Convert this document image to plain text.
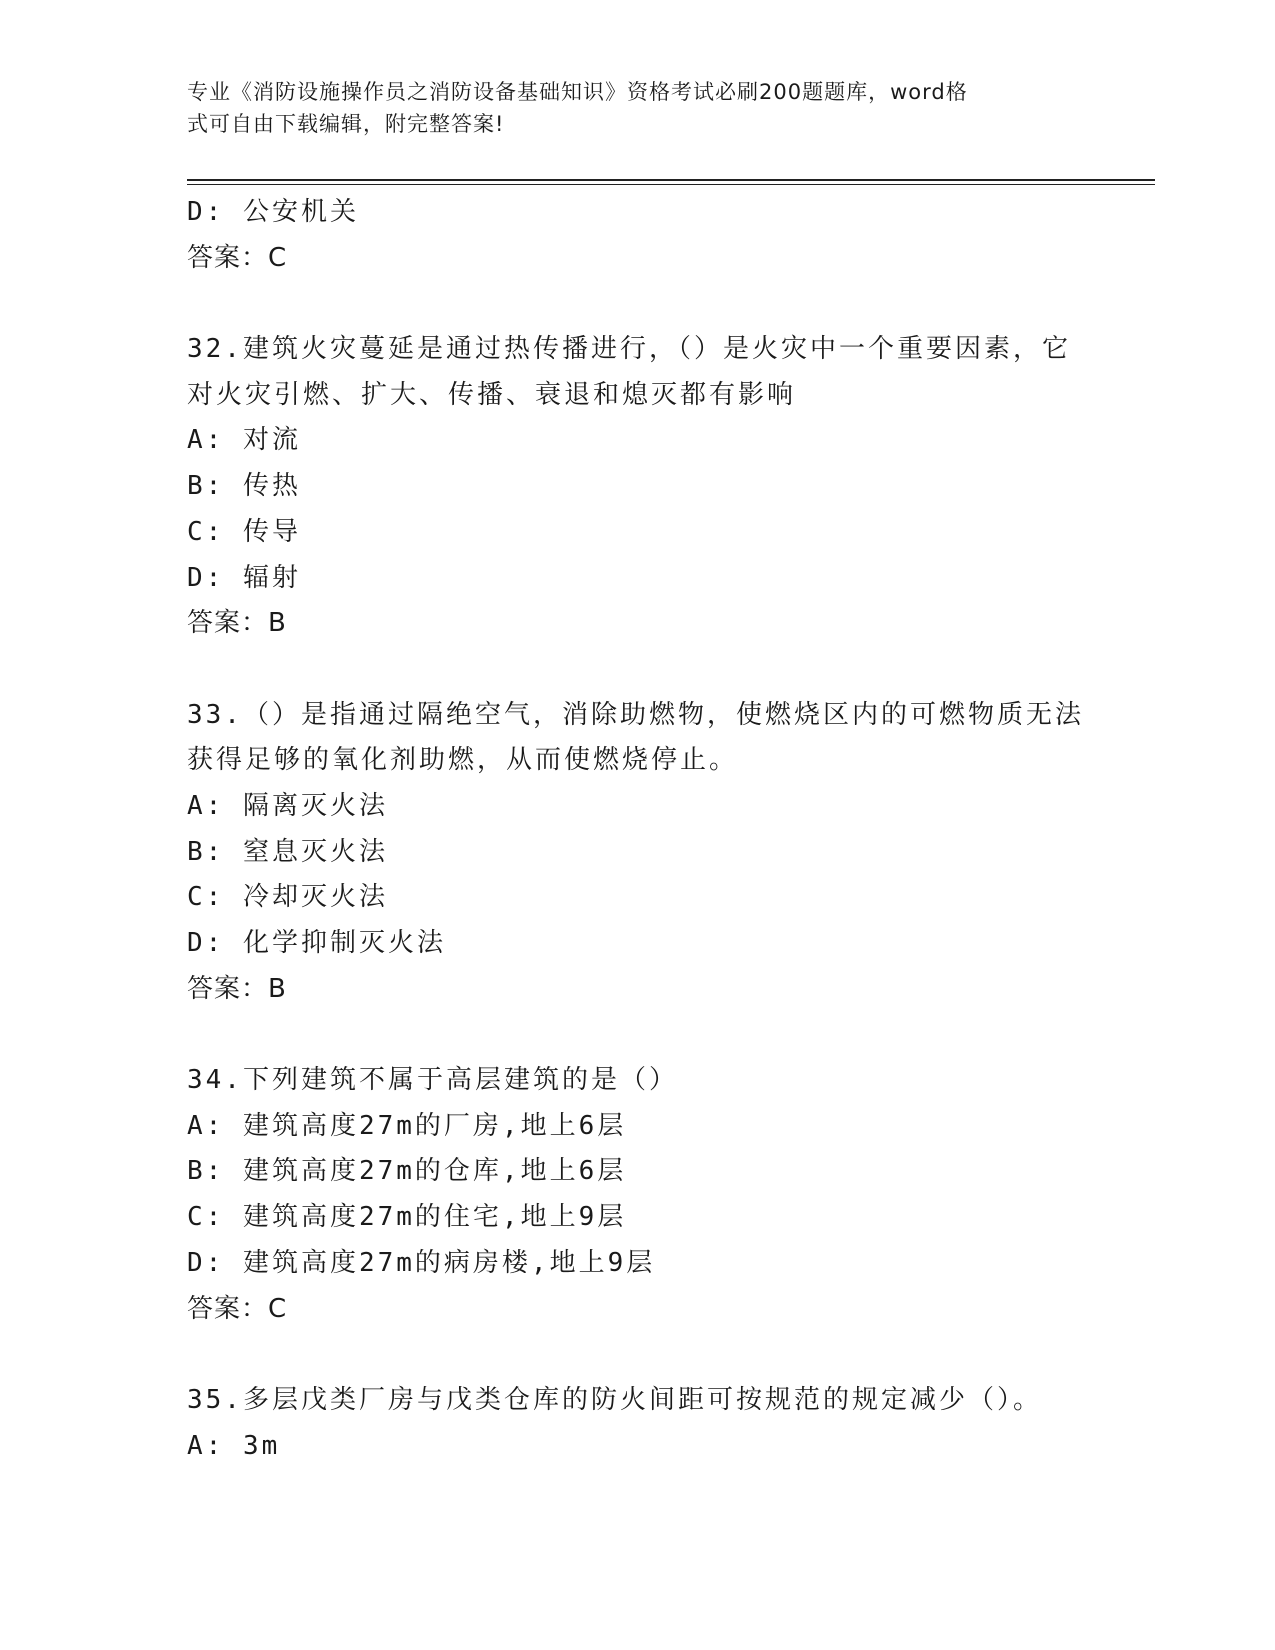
专业《消防设施操作员之消防设备基础知识》资格考试必刷200题题库，word格
式可自由下载编辑，附完整答案!
D: 公安机关
答案：C
32.建筑火灾蔓延是通过热传播进行，（）是火灾中一个重要因素，它
对火灾引燃、扩大、传播、衰退和熄灭都有影响
A: 对流
B: 传热
C: 传导
D: 辐射
答案：B
33.（）是指通过隔绝空气，消除助燃物，使燃烧区内的可燃物质无法
获得足够的氧化剂助燃，从而使燃烧停止。
A: 隔离灭火法
B: 窒息灭火法
C: 冷却灭火法
D: 化学抑制灭火法
答案：B
34.下列建筑不属于高层建筑的是（）
A: 建筑高度27m的厂房,地上6层
B: 建筑高度27m的仓库,地上6层
C: 建筑高度27m的住宅,地上9层
D: 建筑高度27m的病房楼,地上9层
答案：C
35.多层戊类厂房与戊类仓库的防火间距可按规范的规定减少（）。
A: 3m
